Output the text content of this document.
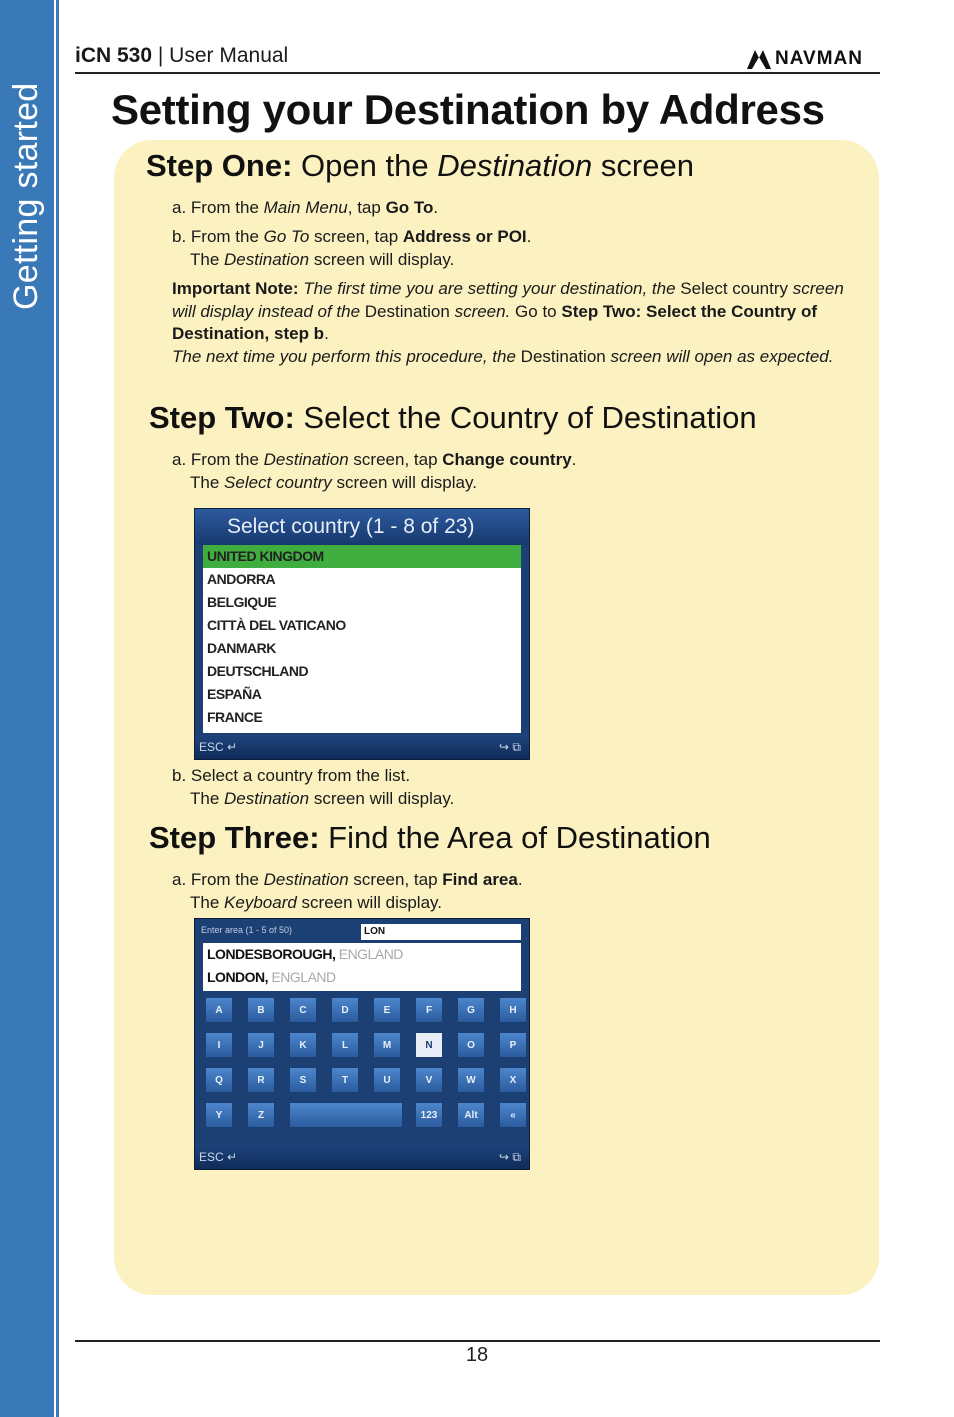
Getting started
iCN 530 | User Manual	NAVMAN
Setting your Destination by Address
Step One: Open the Destination screen

a. From the Main Menu, tap Go To.

b. From the Go To screen, tap Address or POI.
The Destination screen will display.

Important Note: The first time you are setting your destination, the Select country screen will display instead of the Destination screen. Go to Step Two: Select the Country of Destination, step b.
The next time you perform this procedure, the Destination screen will open as expected.

Step Two: Select the Country of Destination

a. From the Destination screen, tap Change country.
The Select country screen will display.

Select country (1 - 8 of 23)
UNITED KINGDOM
ANDORRA
BELGIQUE
CITTÀ DEL VATICANO
DANMARK
DEUTSCHLAND
ESPAÑA
FRANCE
ESC ↵	↪ ⧉

b. Select a country from the list.
The Destination screen will display.

Step Three: Find the Area of Destination

a. From the Destination screen, tap Find area.
The Keyboard screen will display.

Enter area (1 - 5 of 50)	LON
LONDESBOROUGH, ENGLAND
LONDON, ENGLAND
A	B	C	D	E	F	G	H
I	J	K	L	M	N	O	P
Q	R	S	T	U	V	W	X
Y	Z	123	Alt	«
ESC ↵	↪ ⧉
18
